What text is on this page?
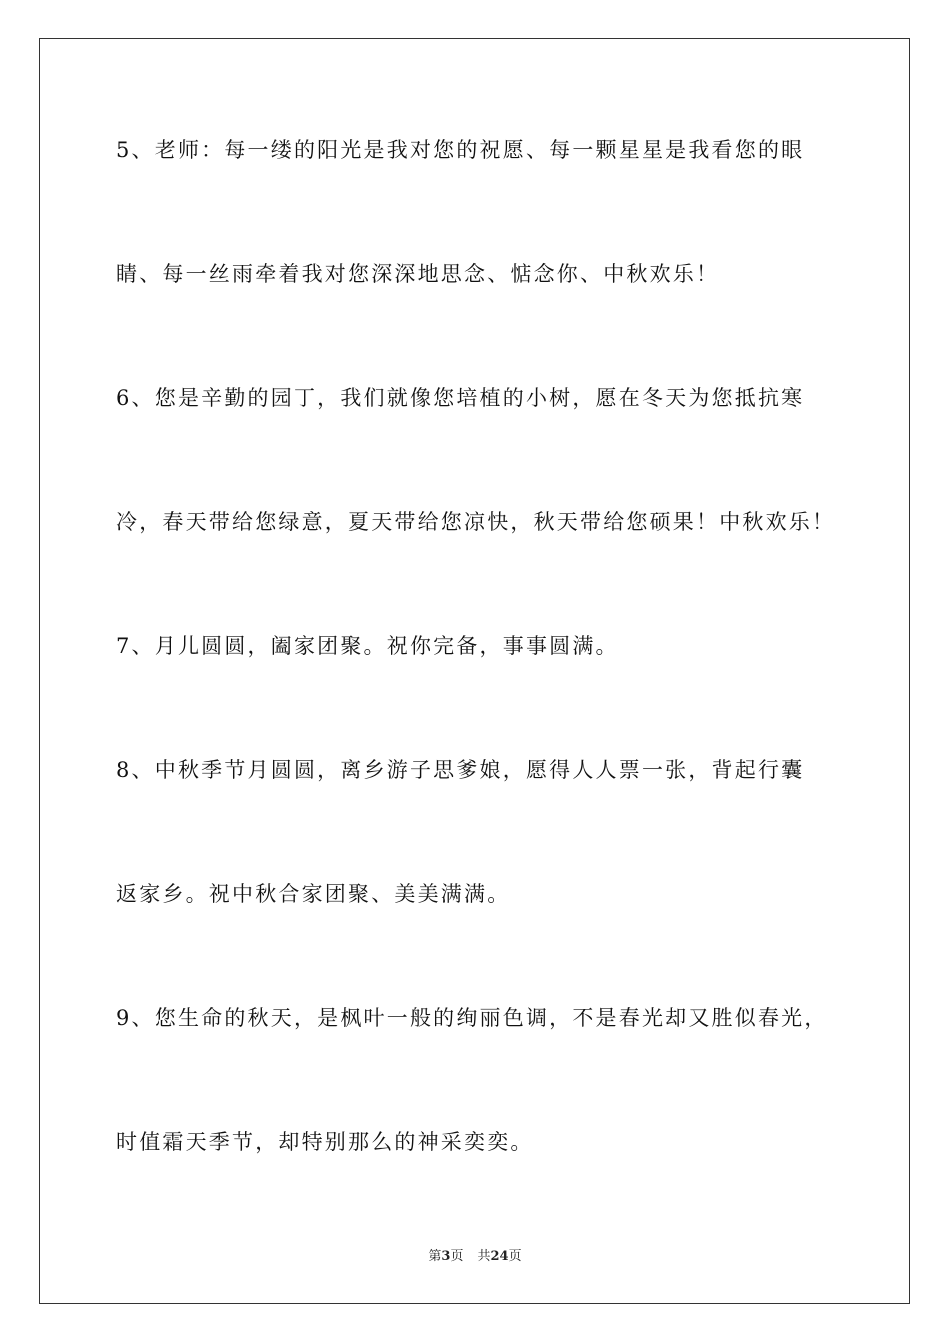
5、老师：每一缕的阳光是我对您的祝愿、每一颗星星是我看您的眼
睛、每一丝雨牵着我对您深深地思念、惦念你、中秋欢乐！
6、您是辛勤的园丁，我们就像您培植的小树，愿在冬天为您抵抗寒
冷，春天带给您绿意，夏天带给您凉快，秋天带给您硕果！中秋欢乐！
7、月儿圆圆，阖家团聚。祝你完备，事事圆满。
8、中秋季节月圆圆，离乡游子思爹娘，愿得人人票一张，背起行囊
返家乡。祝中秋合家团聚、美美满满。
9、您生命的秋天，是枫叶一般的绚丽色调，不是春光却又胜似春光，
时值霜天季节，却特别那么的神采奕奕。
第3页 共24页
